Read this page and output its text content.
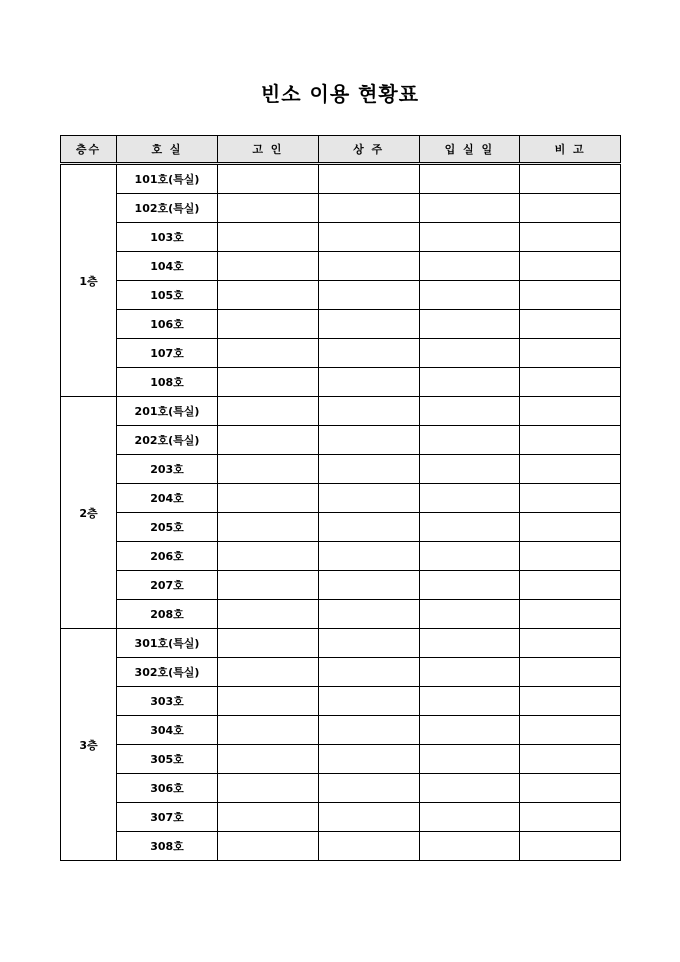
빈소 이용 현황표
층수	호 실	고 인	상 주	입 실 일	비 고
1층	101호(특실)				
	102호(특실)				
	103호				
	104호				
	105호				
	106호				
	107호				
	108호				
2층	201호(특실)				
	202호(특실)				
	203호				
	204호				
	205호				
	206호				
	207호				
	208호				
3층	301호(특실)				
	302호(특실)				
	303호				
	304호				
	305호				
	306호				
	307호				
	308호				
